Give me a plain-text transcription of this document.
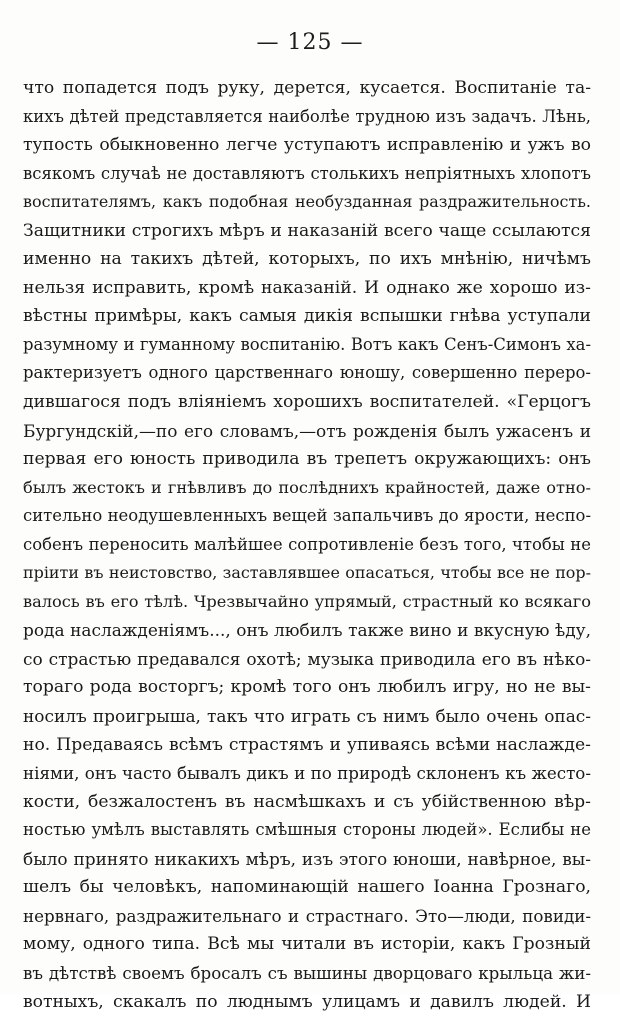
— 125 —
что попадется подъ руку, дерется, кусается. Воспитаніе та-
кихъ дѣтей представляется наиболѣе трудною изъ задачъ. Лѣнь,
тупость обыкновенно легче уступаютъ исправленію и ужъ во
всякомъ случаѣ не доставляютъ столькихъ непріятныхъ хлопотъ
воспитателямъ, какъ подобная необузданная раздражительность.
Защитники строгихъ мѣръ и наказаній всего чаще ссылаются
именно на такихъ дѣтей, которыхъ, по ихъ мнѣнію, ничѣмъ
нельзя исправить, кромѣ наказаній. И однако же хорошо из-
вѣстны примѣры, какъ самыя дикія вспышки гнѣва уступали
разумному и гуманному воспитанію. Вотъ какъ Сенъ-Симонъ ха-
рактеризуетъ одного царственнаго юношу, совершенно переро-
дившагося подъ вліяніемъ хорошихъ воспитателей. «Герцогъ
Бургундскій,—по его словамъ,—отъ рожденія былъ ужасенъ и
первая его юность приводила въ трепетъ окружающихъ: онъ
былъ жестокъ и гнѣвливъ до послѣднихъ крайностей, даже отно-
сительно неодушевленныхъ вещей запальчивъ до ярости, неспо-
собенъ переносить малѣйшее сопротивленіе безъ того, чтобы не
пріити въ неистовство, заставлявшее опасаться, чтобы все не пор-
валось въ его тѣлѣ. Чрезвычайно упрямый, страстный ко всякаго
рода наслажденіямъ..., онъ любилъ также вино и вкусную ѣду,
со страстью предавался охотѣ; музыка приводила его въ нѣко-
тораго рода восторгъ; кромѣ того онъ любилъ игру, но не вы-
носилъ проигрыша, такъ что играть съ нимъ было очень опас-
но. Предаваясь всѣмъ страстямъ и упиваясь всѣми наслажде-
ніями, онъ часто бывалъ дикъ и по природѣ склоненъ къ жесто-
кости, безжалостенъ въ насмѣшкахъ и съ убійственною вѣр-
ностью умѣлъ выставлять смѣшныя стороны людей». Еслибы не
было принято никакихъ мѣръ, изъ этого юноши, навѣрное, вы-
шелъ бы человѣкъ, напоминающій нашего Іоанна Грознаго,
нервнаго, раздражительнаго и страстнаго. Это—люди, повиди-
мому, одного типа. Всѣ мы читали въ исторіи, какъ Грозный
въ дѣтствѣ своемъ бросалъ съ вышины дворцоваго крыльца жи-
вотныхъ, скакалъ по люднымъ улицамъ и давилъ людей. И
